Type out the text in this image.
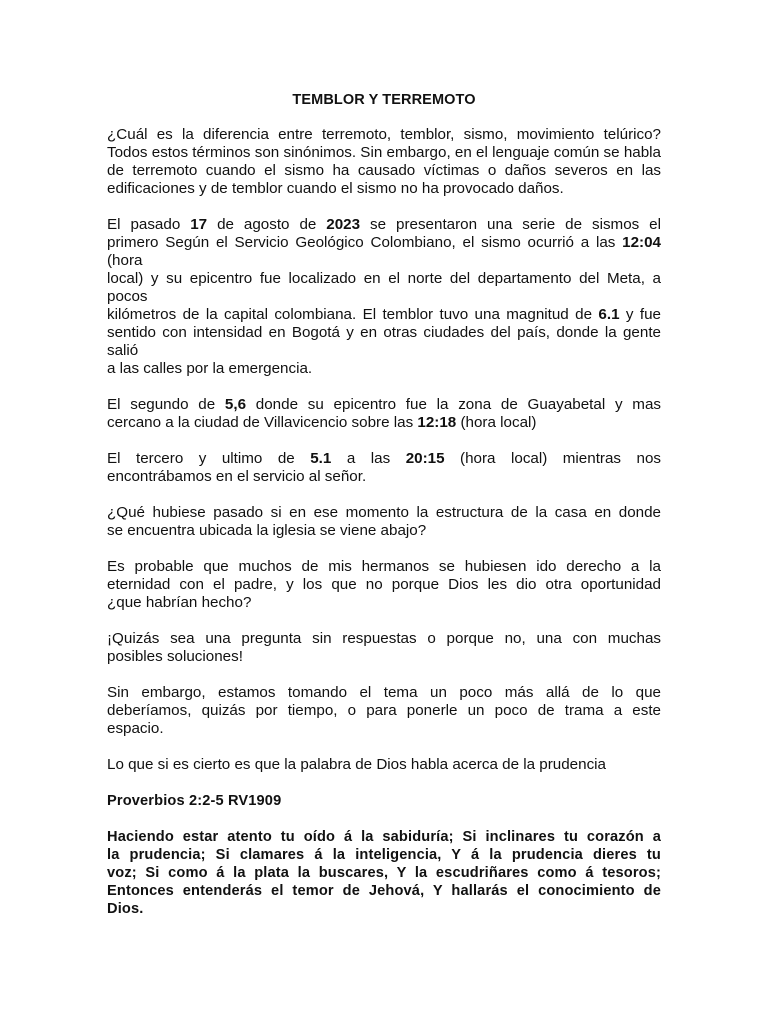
TEMBLOR Y TERREMOTO
¿Cuál es la diferencia entre terremoto, temblor, sismo, movimiento telúrico?
Todos estos términos son sinónimos. Sin embargo, en el lenguaje común se habla
de terremoto cuando el sismo ha causado víctimas o daños severos en las
edificaciones y de temblor cuando el sismo no ha provocado daños.
El pasado 17 de agosto de 2023 se presentaron una serie de sismos el
primero Según el Servicio Geológico Colombiano, el sismo ocurrió a las 12:04 (hora
local) y su epicentro fue localizado en el norte del departamento del Meta, a pocos
kilómetros de la capital colombiana. El temblor tuvo una magnitud de 6.1 y fue
sentido con intensidad en Bogotá y en otras ciudades del país, donde la gente salió
a las calles por la emergencia.
El segundo de 5,6 donde su epicentro fue la zona de Guayabetal y mas
cercano a la ciudad de Villavicencio sobre las 12:18 (hora local)
El tercero y ultimo de 5.1 a las 20:15 (hora local) mientras nos
encontrábamos en el servicio al señor.
¿Qué hubiese pasado si en ese momento la estructura de la casa en donde
se encuentra ubicada la iglesia se viene abajo?
Es probable que muchos de mis hermanos se hubiesen ido derecho a la
eternidad con el padre, y los que no porque Dios les dio otra oportunidad
¿que habrían hecho?
¡Quizás sea una pregunta sin respuestas o porque no, una con muchas
posibles soluciones!
Sin embargo, estamos tomando el tema un poco más allá de lo que
deberíamos, quizás por tiempo, o para ponerle un poco de trama a este
espacio.
Lo que si es cierto es que la palabra de Dios habla acerca de la prudencia
Proverbios 2:2-5 RV1909
Haciendo estar atento tu oído á la sabiduría; Si inclinares tu corazón a
la prudencia; Si clamares á la inteligencia, Y á la prudencia dieres tu
voz; Si como á la plata la buscares, Y la escudriñares como á tesoros;
Entonces entenderás el temor de Jehová, Y hallarás el conocimiento de
Dios.
